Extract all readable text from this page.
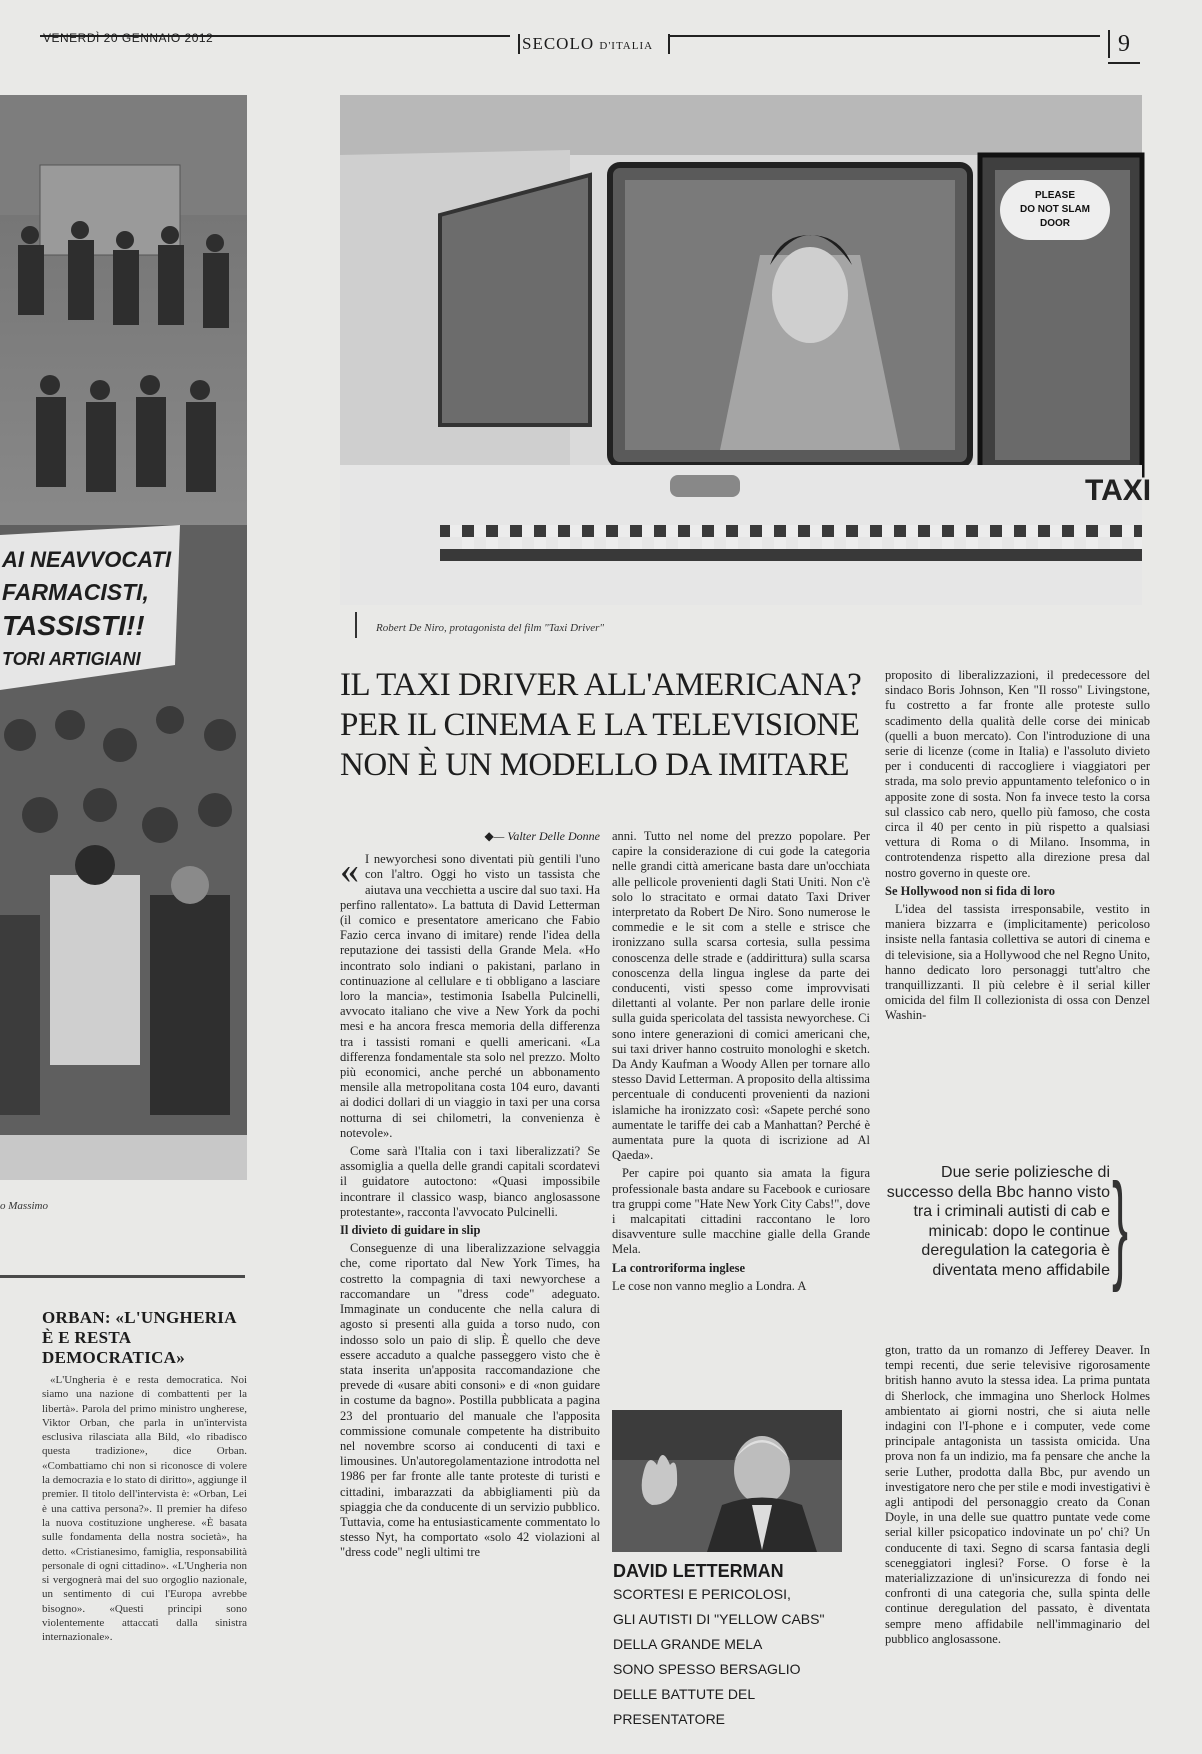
VENERDÌ 20 GENNAIO 2012	SECOLO D'ITALIA	9
AI NEAVVOCATI
FARMACISTI,
TASSISTI!!
TORI ARTIGIANI
o Massimo
PLEASE
DO NOT SLAM
DOOR
TAXI
Robert De Niro, protagonista del film "Taxi Driver"
IL TAXI DRIVER ALL'AMERICANA? PER IL CINEMA E LA TELEVISIONE NON È UN MODELLO DA IMITARE
◆— Valter Delle Donne

« I newyorchesi sono diventati più gentili l'uno con l'altro. Oggi ho visto un tassista che aiutava una vecchietta a uscire dal suo taxi. Ha perfino rallentato». La battuta di David Letterman (il comico e presentatore americano che Fabio Fazio cerca invano di imitare) rende l'idea della reputazione dei tassisti della Grande Mela. «Ho incontrato solo indiani o pakistani, parlano in continuazione al cellulare e ti obbligano a lasciare loro la mancia», testimonia Isabella Pulcinelli, avvocato italiano che vive a New York da pochi mesi e ha ancora fresca memoria della differenza tra i tassisti romani e quelli americani. «La differenza fondamentale sta solo nel prezzo. Molto più economici, anche perché un abbonamento mensile alla metropolitana costa 104 euro, davanti ai dodici dollari di un viaggio in taxi per una corsa notturna di sei chilometri, la convenienza è notevole».

Come sarà l'Italia con i taxi liberalizzati? Se assomiglia a quella delle grandi capitali scordatevi il guidatore autoctono: «Quasi impossibile incontrare il classico wasp, bianco anglosassone protestante», racconta l'avvocato Pulcinelli.

Il divieto di guidare in slip

Conseguenze di una liberalizzazione selvaggia che, come riportato dal New York Times, ha costretto la compagnia di taxi newyorchese a raccomandare un "dress code" adeguato. Immaginate un conducente che nella calura di agosto si presenti alla guida a torso nudo, con indosso solo un paio di slip. È quello che deve essere accaduto a qualche passeggero visto che è stata inserita un'apposita raccomandazione che prevede di «usare abiti consoni» e di «non guidare in costume da bagno». Postilla pubblicata a pagina 23 del prontuario del manuale che l'apposita commissione comunale competente ha distribuito nel novembre scorso ai conducenti di taxi e limousines. Un'autoregolamentazione introdotta nel 1986 per far fronte alle tante proteste di turisti e cittadini, imbarazzati da abbigliamenti più da spiaggia che da conducente di un servizio pubblico. Tuttavia, come ha entusiasticamente commentato lo stesso Nyt, ha comportato «solo 42 violazioni al "dress code" negli ultimi tre

anni. Tutto nel nome del prezzo popolare. Per capire la considerazione di cui gode la categoria nelle grandi città americane basta dare un'occhiata alle pellicole provenienti dagli Stati Uniti. Non c'è solo lo stracitato e ormai datato Taxi Driver interpretato da Robert De Niro. Sono numerose le commedie e le sit com a stelle e strisce che ironizzano sulla scarsa cortesia, sulla pessima conoscenza delle strade e (addirittura) sulla scarsa conoscenza della lingua inglese da parte dei conducenti, visti spesso come improvvisati dilettanti al volante. Per non parlare delle ironie sulla guida spericolata del tassista newyorchese. Ci sono intere generazioni di comici americani che, sui taxi driver hanno costruito monologhi e sketch. Da Andy Kaufman a Woody Allen per tornare allo stesso David Letterman. A proposito della altissima percentuale di conducenti provenienti da nazioni islamiche ha ironizzato così: «Sapete perché sono aumentate le tariffe dei cab a Manhattan? Perché è aumentata pure la quota di iscrizione ad Al Qaeda».

Per capire poi quanto sia amata la figura professionale basta andare su Facebook e curiosare tra gruppi come "Hate New York City Cabs!", dove i malcapitati cittadini raccontano le loro disavventure sulle macchine gialle della Grande Mela.

La controriforma inglese

Le cose non vanno meglio a Londra. A

proposito di liberalizzazioni, il predecessore del sindaco Boris Johnson, Ken "Il rosso" Livingstone, fu costretto a far fronte alle proteste sullo scadimento della qualità delle corse dei minicab (quelli a buon mercato). Con l'introduzione di una serie di licenze (come in Italia) e l'assoluto divieto per i conducenti di raccogliere i viaggiatori per strada, ma solo previo appuntamento telefonico o in apposite zone di sosta. Non fa invece testo la corsa sul classico cab nero, quello più famoso, che costa circa il 40 per cento in più rispetto a qualsiasi vettura di Roma o di Milano. Insomma, in controtendenza rispetto alla direzione presa dal nostro governo in queste ore.

Se Hollywood non si fida di loro

L'idea del tassista irresponsabile, vestito in maniera bizzarra e (implicitamente) pericoloso insiste nella fantasia collettiva se autori di cinema e di televisione, sia a Hollywood che nel Regno Unito, hanno dedicato loro personaggi tutt'altro che tranquillizzanti. Il più celebre è il serial killer omicida del film Il collezionista di ossa con Denzel Washin-

Due serie poliziesche di successo della Bbc hanno visto tra i criminali autisti di cab e minicab: dopo le continue deregulation la categoria è diventata meno affidabile }

gton, tratto da un romanzo di Jefferey Deaver. In tempi recenti, due serie televisive rigorosamente british hanno avuto la stessa idea. La prima puntata di Sherlock, che immagina uno Sherlock Holmes ambientato ai giorni nostri, che si aiuta nelle indagini con l'I-phone e i computer, vede come principale antagonista un tassista omicida. Una prova non fa un indizio, ma fa pensare che anche la serie Luther, prodotta dalla Bbc, pur avendo un investigatore nero che per stile e modi investigativi è agli antipodi del personaggio creato da Conan Doyle, in una delle sue quattro puntate vede come serial killer psicopatico indovinate un po' chi? Un conducente di taxi. Segno di scarsa fantasia degli sceneggiatori inglesi? Forse. O forse è la materializzazione di un'insicurezza di fondo nei confronti di una categoria che, sulla spinta delle continue deregulation del passato, è diventata sempre meno affidabile nell'immaginario del pubblico anglosassone.

DAVID LETTERMAN
SCORTESI E PERICOLOSI,
GLI AUTISTI DI "YELLOW CABS"
DELLA GRANDE MELA
SONO SPESSO BERSAGLIO
DELLE BATTUTE DEL PRESENTATORE
ORBAN: «L'UNGHERIA È E RESTA DEMOCRATICA»

«L'Ungheria è e resta democratica. Noi siamo una nazione di combattenti per la libertà». Parola del primo ministro ungherese, Viktor Orban, che parla in un'intervista esclusiva rilasciata alla Bild, «lo ribadisco questa tradizione», dice Orban. «Combattiamo chi non si riconosce di volere la democrazia e lo stato di diritto», aggiunge il premier. Il titolo dell'intervista è: «Orban, Lei è una cattiva persona?». Il premier ha difeso la nuova costituzione ungherese. «È basata sulle fondamenta della nostra società», ha detto. «Cristianesimo, famiglia, responsabilità personale di ogni cittadino». «L'Ungheria non si vergognerà mai del suo orgoglio nazionale, un sentimento di cui l'Europa avrebbe bisogno». «Questi principi sono violentemente attaccati dalla sinistra internazionale».
